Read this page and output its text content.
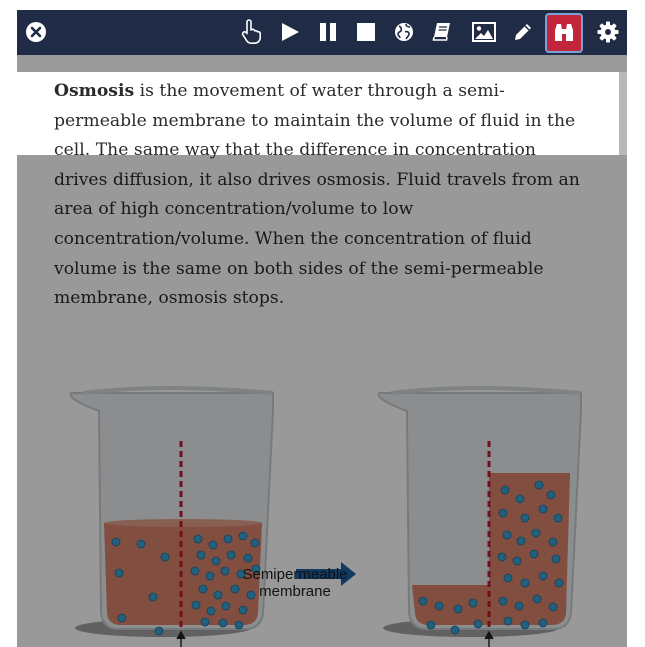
Osmosis is the movement of water through a semi-permeable membrane to maintain the volume of fluid in the cell. The same way that the difference in concentration drives diffusion, it also drives osmosis. Fluid travels from an area of high concentration/volume to low concentration/volume. When the concentration of fluid volume is the same on both sides of the semi-permeable membrane, osmosis stops.

Semipermeable
membrane
